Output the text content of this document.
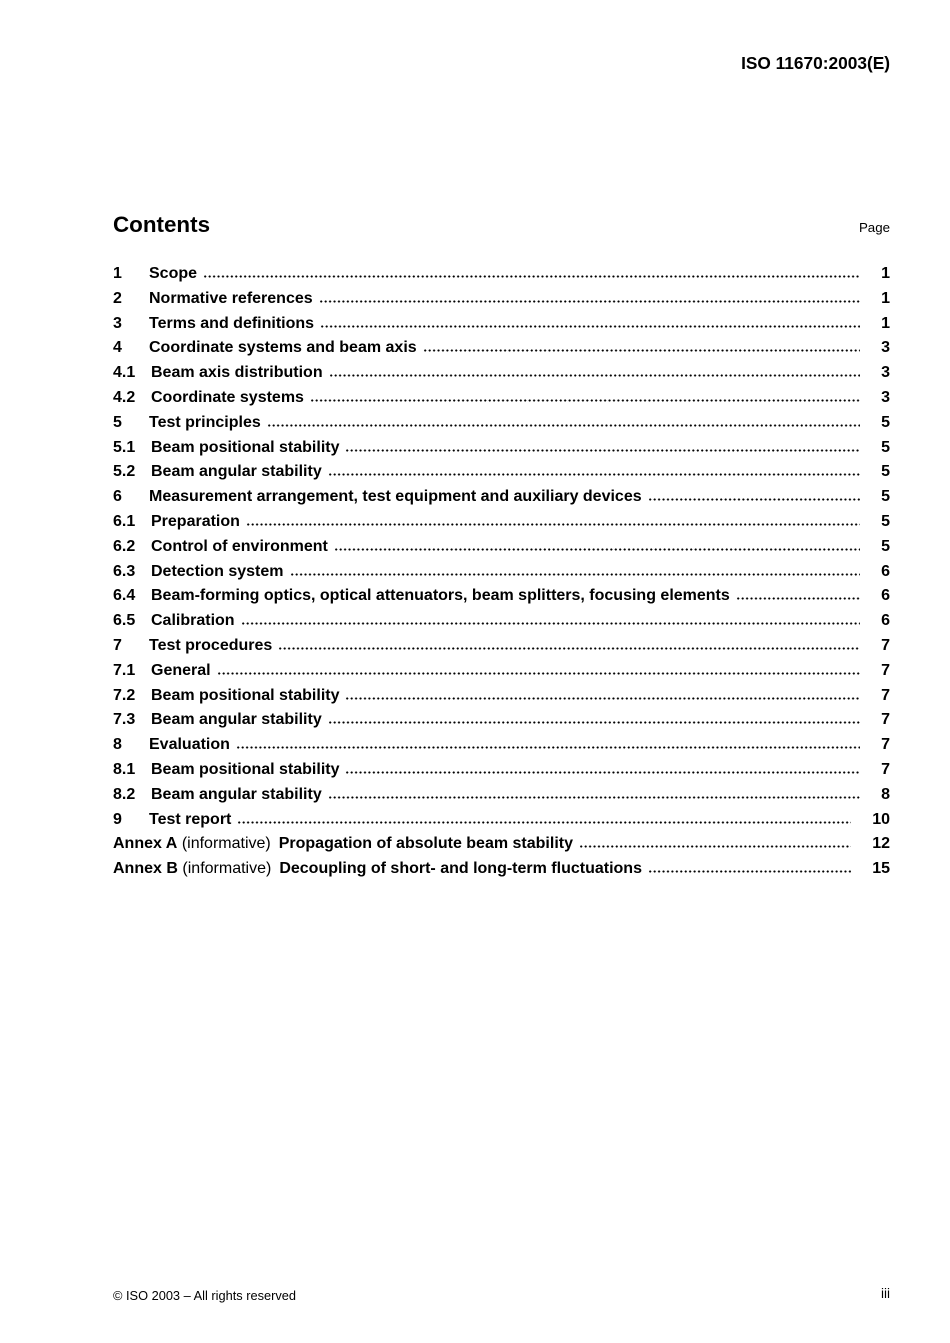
ISO 11670:2003(E)
Contents	Page
1	Scope	1
2	Normative references	1
3	Terms and definitions	1
4	Coordinate systems and beam axis	3
4.1 Beam axis distribution	3
4.2 Coordinate systems	3
5	Test principles	5
5.1 Beam positional stability	5
5.2 Beam angular stability	5
6	Measurement arrangement, test equipment and auxiliary devices	5
6.1 Preparation	5
6.2 Control of environment	5
6.3 Detection system	6
6.4 Beam-forming optics, optical attenuators, beam splitters, focusing elements	6
6.5 Calibration	6
7	Test procedures	7
7.1 General	7
7.2 Beam positional stability	7
7.3 Beam angular stability	7
8	Evaluation	7
8.1 Beam positional stability	7
8.2 Beam angular stability	8
9	Test report	10
Annex A (informative) Propagation of absolute beam stability	12
Annex B (informative) Decoupling of short- and long-term fluctuations	15
© ISO 2003 – All rights reserved	iii
